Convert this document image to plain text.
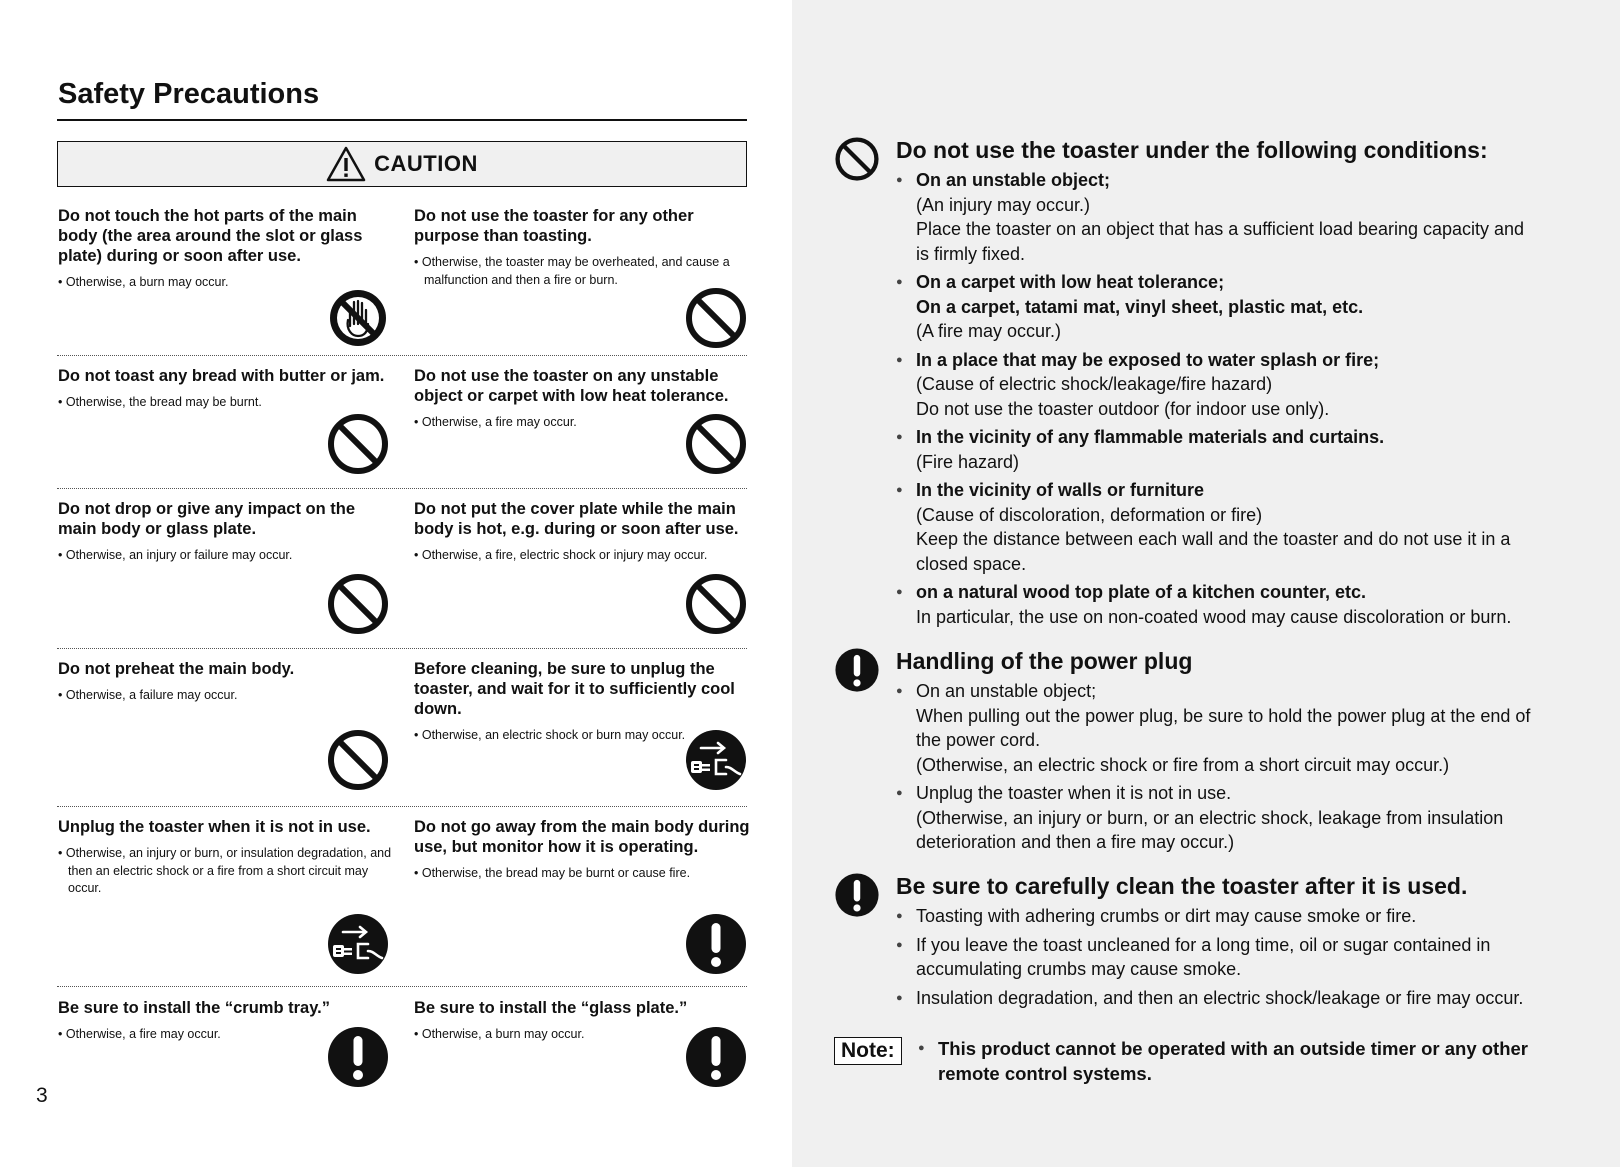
Safety Precautions
CAUTION

Do not touch the hot parts of the main body (the area around the slot or glass plate) during or soon after use.

• Otherwise, a burn may occur.

Do not use the toaster for any other purpose than toasting.

• Otherwise, the toaster may be overheated, and cause a malfunction and then a fire or burn.

Do not toast any bread with butter or jam.

• Otherwise, the bread may be burnt.

Do not use the toaster on any unstable object or carpet with low heat tolerance.

• Otherwise, a fire may occur.

Do not drop or give any impact on the main body or glass plate.

• Otherwise, an injury or failure may occur.

Do not put the cover plate while the main body is hot, e.g. during or soon after use.

• Otherwise, a fire, electric shock or injury may occur.

Do not preheat the main body.

• Otherwise, a failure may occur.

Before cleaning, be sure to unplug the toaster, and wait for it to sufficiently cool down.

• Otherwise, an electric shock or burn may occur.

Unplug the toaster when it is not in use.

• Otherwise, an injury or burn, or insulation degradation, and then an electric shock or a fire from a short circuit may occur.

Do not go away from the main body during use, but monitor how it is operating.

• Otherwise, the bread may be burnt or cause fire.

Be sure to install the “crumb tray.”

• Otherwise, a fire may occur.

Be sure to install the “glass plate.”

• Otherwise, a burn may occur.
3
Do not use the toaster under the following conditions:
● On an unstable object;
(An injury may occur.)
Place the toaster on an object that has a sufficient load bearing capacity and is firmly fixed.
● On a carpet with low heat tolerance;
On a carpet, tatami mat, vinyl sheet, plastic mat, etc.
(A fire may occur.)
● In a place that may be exposed to water splash or fire;
(Cause of electric shock/leakage/fire hazard)
Do not use the toaster outdoor (for indoor use only).
● In the vicinity of any flammable materials and curtains.
(Fire hazard)
● In the vicinity of walls or furniture
(Cause of discoloration, deformation or fire)
Keep the distance between each wall and the toaster and do not use it in a closed space.
● on a natural wood top plate of a kitchen counter, etc.
In particular, the use on non-coated wood may cause discoloration or burn.
Handling of the power plug
● On an unstable object;
When pulling out the power plug, be sure to hold the power plug at the end of the power cord.
(Otherwise, an electric shock or fire from a short circuit may occur.)
● Unplug the toaster when it is not in use.
(Otherwise, an injury or burn, or an electric shock, leakage from insulation deterioration and then a fire may occur.)
Be sure to carefully clean the toaster after it is used.
● Toasting with adhering crumbs or dirt may cause smoke or fire.
● If you leave the toast uncleaned for a long time, oil or sugar contained in accumulating crumbs may cause smoke.
● Insulation degradation, and then an electric shock/leakage or fire may occur.
Note:
●	This product cannot be operated with an outside timer or any other remote control systems.
